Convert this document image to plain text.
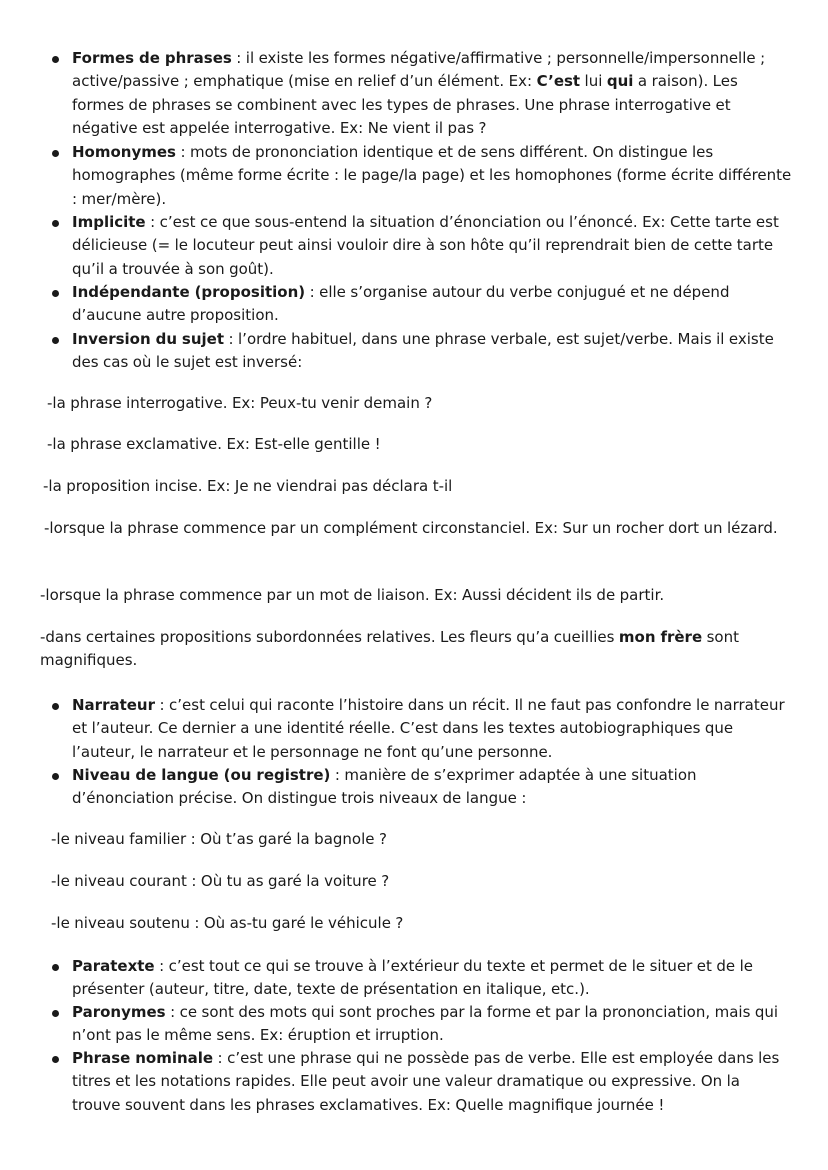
Formes de phrases : il existe les formes négative/affirmative ; personnelle/impersonnelle ; active/passive ; emphatique (mise en relief d’un élément. Ex: C’est lui qui a raison). Les formes de phrases se combinent avec les types de phrases. Une phrase interrogative et négative est appelée interrogative. Ex: Ne vient il pas ?
Homonymes : mots de prononciation identique et de sens différent. On distingue les homographes (même forme écrite : le page/la page) et les homophones (forme écrite différente : mer/mère).
Implicite : c’est ce que sous-entend la situation d’énonciation ou l’énoncé. Ex: Cette tarte est délicieuse (= le locuteur peut ainsi vouloir dire à son hôte qu’il reprendrait bien de cette tarte qu’il a trouvée à son goût).
Indépendante (proposition) : elle s’organise autour du verbe conjugué et ne dépend d’aucune autre proposition.
Inversion du sujet : l’ordre habituel, dans une phrase verbale, est sujet/verbe. Mais il existe des cas où le sujet est inversé:
-la phrase interrogative. Ex: Peux-tu venir demain ?
-la phrase exclamative. Ex: Est-elle gentille !
-la proposition incise. Ex: Je ne viendrai pas déclara t-il
-lorsque la phrase commence par un complément circonstanciel. Ex: Sur un rocher dort un lézard.
-lorsque la phrase commence par un mot de liaison. Ex: Aussi décident ils de partir.
-dans certaines propositions subordonnées relatives. Les fleurs qu’a cueillies mon frère sont magnifiques.
Narrateur : c’est celui qui raconte l’histoire dans un récit. Il ne faut pas confondre le narrateur et l’auteur. Ce dernier a une identité réelle. C’est dans les textes autobiographiques que l’auteur, le narrateur et le personnage ne font qu’une personne.
Niveau de langue (ou registre) : manière de s’exprimer adaptée à une situation d’énonciation précise. On distingue trois niveaux de langue :
-le niveau familier : Où t’as garé la bagnole ?
-le niveau courant : Où tu as garé la voiture ?
-le niveau soutenu : Où as-tu garé le véhicule ?
Paratexte : c’est tout ce qui se trouve à l’extérieur du texte et permet de le situer et de le présenter (auteur, titre, date, texte de présentation en italique, etc.).
Paronymes : ce sont des mots qui sont proches par la forme et par la prononciation, mais qui n’ont pas le même sens. Ex: éruption et irruption.
Phrase nominale : c’est une phrase qui ne possède pas de verbe. Elle est employée dans les titres et les notations rapides. Elle peut avoir une valeur dramatique ou expressive. On la trouve souvent dans les phrases exclamatives. Ex: Quelle magnifique journée !
